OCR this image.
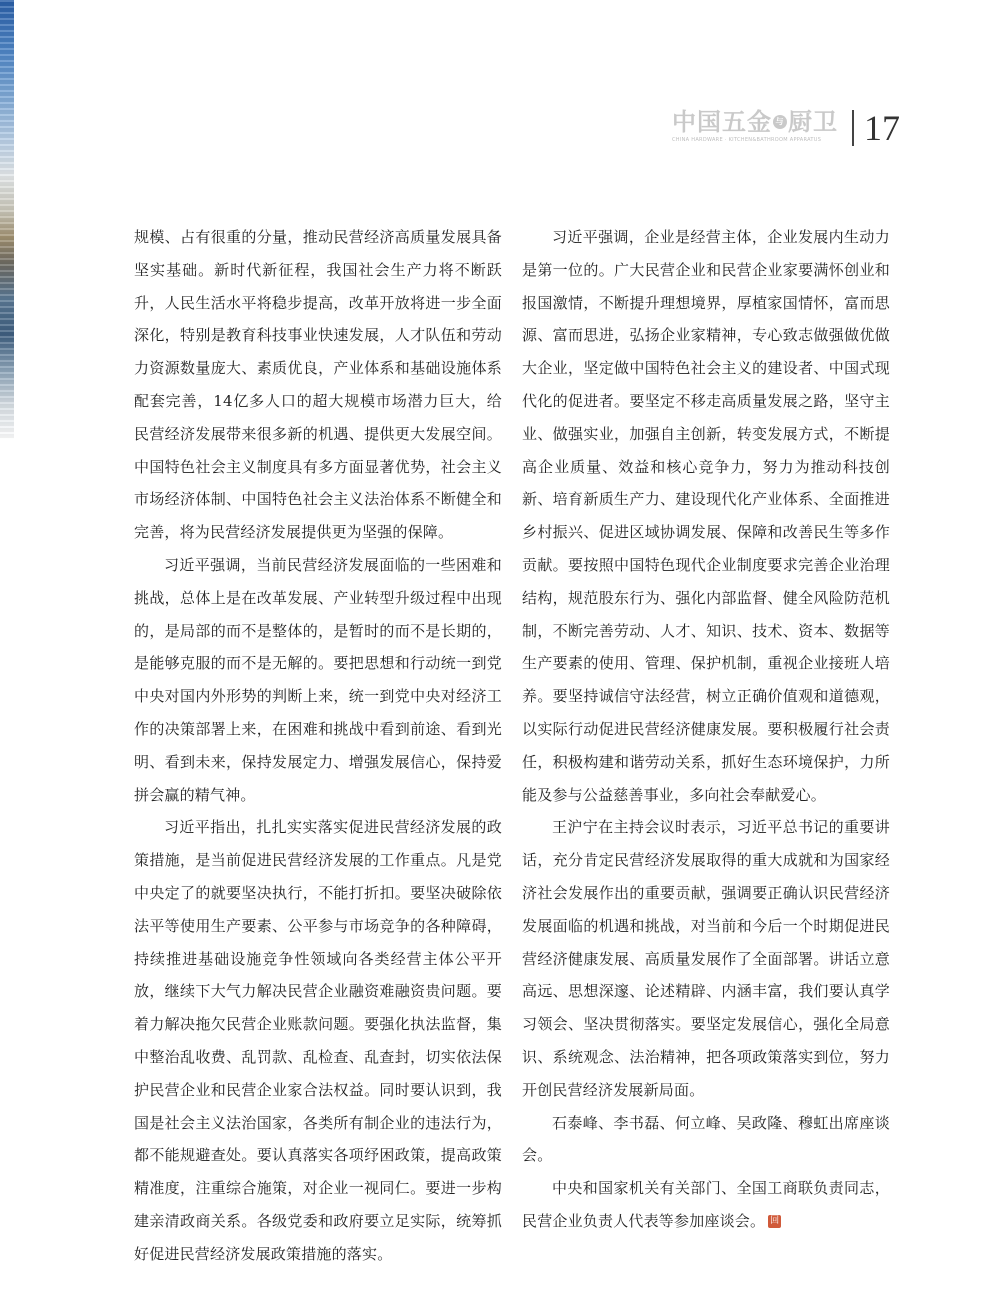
中国五金 与 厨卫
CHINA HARDWARE · KITCHEN&BATHROOM APPARATUS 17

规模、占有很重的分量，推动民营经济高质量发展具备坚实基础。新时代新征程，我国社会生产力将不断跃升，人民生活水平将稳步提高，改革开放将进一步全面深化，特别是教育科技事业快速发展，人才队伍和劳动力资源数量庞大、素质优良，产业体系和基础设施体系配套完善，14亿多人口的超大规模市场潜力巨大，给民营经济发展带来很多新的机遇、提供更大发展空间。中国特色社会主义制度具有多方面显著优势，社会主义市场经济体制、中国特色社会主义法治体系不断健全和完善，将为民营经济发展提供更为坚强的保障。

习近平强调，当前民营经济发展面临的一些困难和挑战，总体上是在改革发展、产业转型升级过程中出现的，是局部的而不是整体的，是暂时的而不是长期的，是能够克服的而不是无解的。要把思想和行动统一到党中央对国内外形势的判断上来，统一到党中央对经济工作的决策部署上来，在困难和挑战中看到前途、看到光明、看到未来，保持发展定力、增强发展信心，保持爱拼会赢的精气神。

习近平指出，扎扎实实落实促进民营经济发展的政策措施，是当前促进民营经济发展的工作重点。凡是党中央定了的就要坚决执行，不能打折扣。要坚决破除依法平等使用生产要素、公平参与市场竞争的各种障碍，持续推进基础设施竞争性领域向各类经营主体公平开放，继续下大气力解决民营企业融资难融资贵问题。要着力解决拖欠民营企业账款问题。要强化执法监督，集中整治乱收费、乱罚款、乱检查、乱查封，切实依法保护民营企业和民营企业家合法权益。同时要认识到，我国是社会主义法治国家，各类所有制企业的违法行为，都不能规避查处。要认真落实各项纾困政策，提高政策精准度，注重综合施策，对企业一视同仁。要进一步构建亲清政商关系。各级党委和政府要立足实际，统筹抓好促进民营经济发展政策措施的落实。

习近平强调，企业是经营主体，企业发展内生动力是第一位的。广大民营企业和民营企业家要满怀创业和报国激情，不断提升理想境界，厚植家国情怀，富而思源、富而思进，弘扬企业家精神，专心致志做强做优做大企业，坚定做中国特色社会主义的建设者、中国式现代化的促进者。要坚定不移走高质量发展之路，坚守主业、做强实业，加强自主创新，转变发展方式，不断提高企业质量、效益和核心竞争力，努力为推动科技创新、培育新质生产力、建设现代化产业体系、全面推进乡村振兴、促进区域协调发展、保障和改善民生等多作贡献。要按照中国特色现代企业制度要求完善企业治理结构，规范股东行为、强化内部监督、健全风险防范机制，不断完善劳动、人才、知识、技术、资本、数据等生产要素的使用、管理、保护机制，重视企业接班人培养。要坚持诚信守法经营，树立正确价值观和道德观，以实际行动促进民营经济健康发展。要积极履行社会责任，积极构建和谐劳动关系，抓好生态环境保护，力所能及参与公益慈善事业，多向社会奉献爱心。

王沪宁在主持会议时表示，习近平总书记的重要讲话，充分肯定民营经济发展取得的重大成就和为国家经济社会发展作出的重要贡献，强调要正确认识民营经济发展面临的机遇和挑战，对当前和今后一个时期促进民营经济健康发展、高质量发展作了全面部署。讲话立意高远、思想深邃、论述精辟、内涵丰富，我们要认真学习领会、坚决贯彻落实。要坚定发展信心，强化全局意识、系统观念、法治精神，把各项政策落实到位，努力开创民营经济发展新局面。

石泰峰、李书磊、何立峰、吴政隆、穆虹出席座谈会。

中央和国家机关有关部门、全国工商联负责同志，民营企业负责人代表等参加座谈会。 回
